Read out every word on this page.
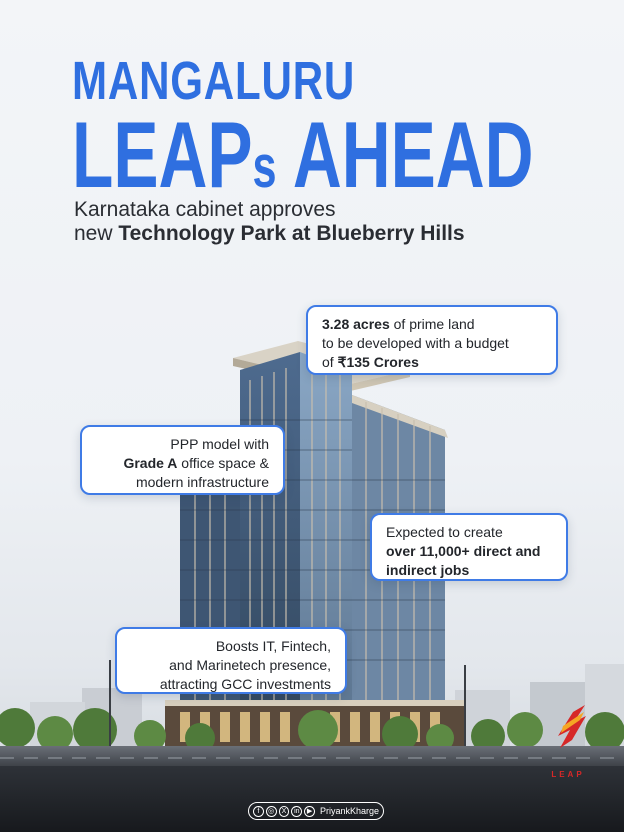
MANGALURU
LEAPs AHEAD
Karnataka cabinet approves
new Technology Park at Blueberry Hills
3.28 acres of prime land
to be developed with a budget
of ₹135 Crores
PPP model with
Grade A office space &
modern infrastructure
Expected to create
over 11,000+ direct and
indirect jobs
Boosts IT, Fintech,
and Marinetech presence,
attracting GCC investments
LEAP
f	◎	X	in	▶ PriyankKharge
